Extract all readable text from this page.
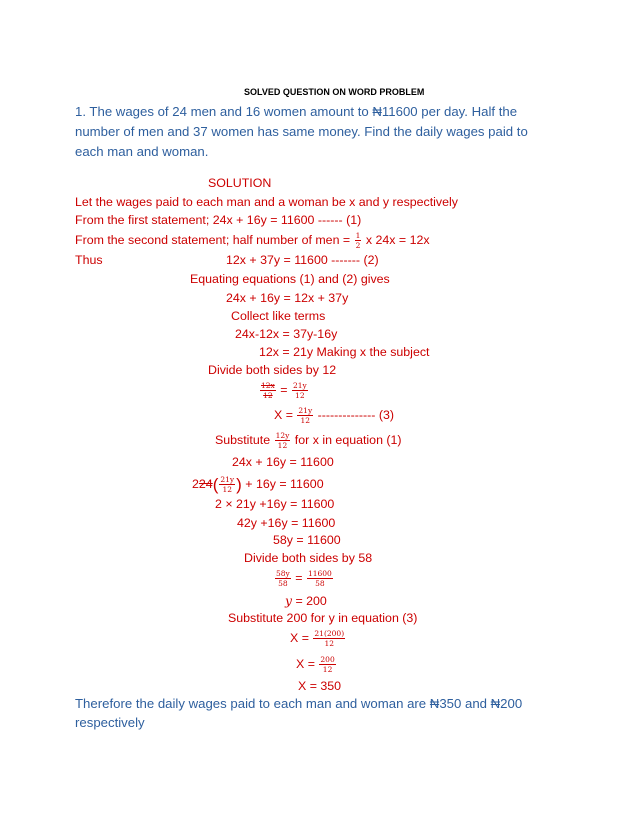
SOLVED QUESTION ON WORD PROBLEM
1. The wages of 24 men and 16 women amount to ₦11600 per day. Half the
number of men and 37 women has same money. Find the daily wages paid to
each man and woman.
SOLUTION
Let the wages paid to each man and a woman be x and y respectively
From the first statement; 24x + 16y = 11600 ------ (1)
From the second statement; half number of men = $\frac{1}{2}$ x 24x = 12x
Thus	12x + 37y = 11600 ------- (2)
Equating equations (1) and (2) gives
24x + 16y = 12x + 37y
Collect like terms
24x-12x = 37y-16y
12x = 21y Making x the subject
Divide both sides by 12
$\frac{12x}{12} = \frac{21y}{12}$
$X = \frac{21y}{12}$ -------------- (3)
Substitute $\frac{12y}{12}$ for x in equation (1)
24x + 16y = 11600
$224( \frac{21y}{12}$ ) + 16y = 11600
2 × 21y +16y = 11600
42y +16y = 11600
58y = 11600
Divide both sides by 58
$\frac{58y}{58} = \frac{11600}{58}$
y = 200
Substitute 200 for y in equation (3)
$X = \frac{21(200)}{12}$
$X = \frac{200}{12}$
X = 350
Therefore the daily wages paid to each man and woman are ₦350 and ₦200
respectively
